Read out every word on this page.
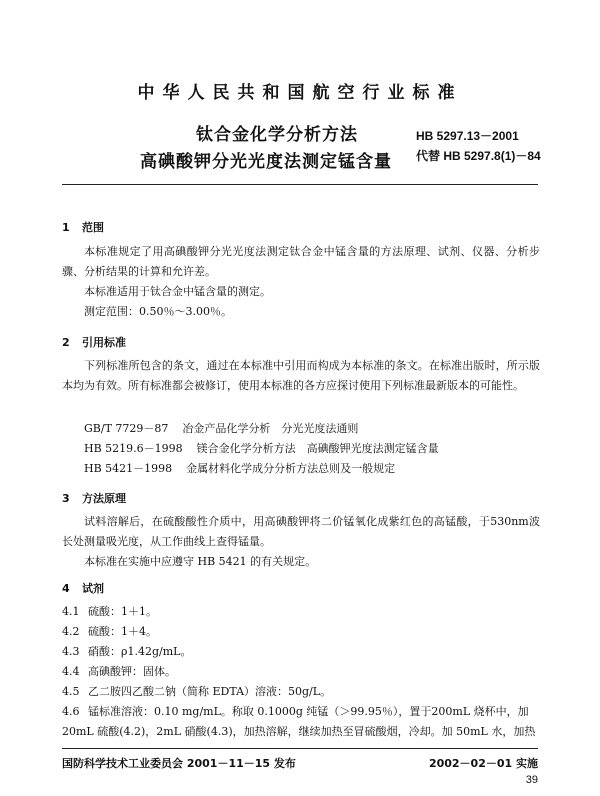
中华人民共和国航空行业标准
钛合金化学分析方法
高碘酸钾分光光度法测定锰含量
HB 5297.13－2001
代替 HB 5297.8(1)－84
1 范围
本标准规定了用高碘酸钾分光光度法测定钛合金中锰含量的方法原理、试剂、仪器、分析步骤、分析结果的计算和允许差。
本标准适用于钛合金中锰含量的测定。
测定范围：0.50％～3.00％。
2 引用标准
下列标准所包含的条文，通过在本标准中引用而构成为本标准的条文。在标准出版时，所示版本均为有效。所有标准都会被修订，使用本标准的各方应探讨使用下列标准最新版本的可能性。
GB/T 7729－87 冶金产品化学分析　分光光度法通则
HB 5219.6－1998 镁合金化学分析方法　高碘酸钾光度法测定锰含量
HB 5421－1998 金属材料化学成分分析方法总则及一般规定
3 方法原理
试料溶解后，在硫酸酸性介质中，用高碘酸钾将二价锰氧化成紫红色的高锰酸，于530nm波长处测量吸光度，从工作曲线上查得锰量。
本标准在实施中应遵守 HB 5421 的有关规定。
4 试剂
4.1 硫酸：1＋1。
4.2 硫酸：1＋4。
4.3 硝酸：ρ1.42g/mL。
4.4 高碘酸钾：固体。
4.5 乙二胺四乙酸二钠（简称 EDTA）溶液：50g/L。
4.6 锰标准溶液：0.10 mg/mL。称取 0.1000g 纯锰（＞99.95％），置于200mL 烧杯中，加20mL 硫酸(4.2)，2mL 硝酸(4.3)，加热溶解，继续加热至冒硫酸烟，冷却。加 50mL 水，加热
国防科学技术工业委员会 2001－11－15 发布	2002－02－01 实施
39
